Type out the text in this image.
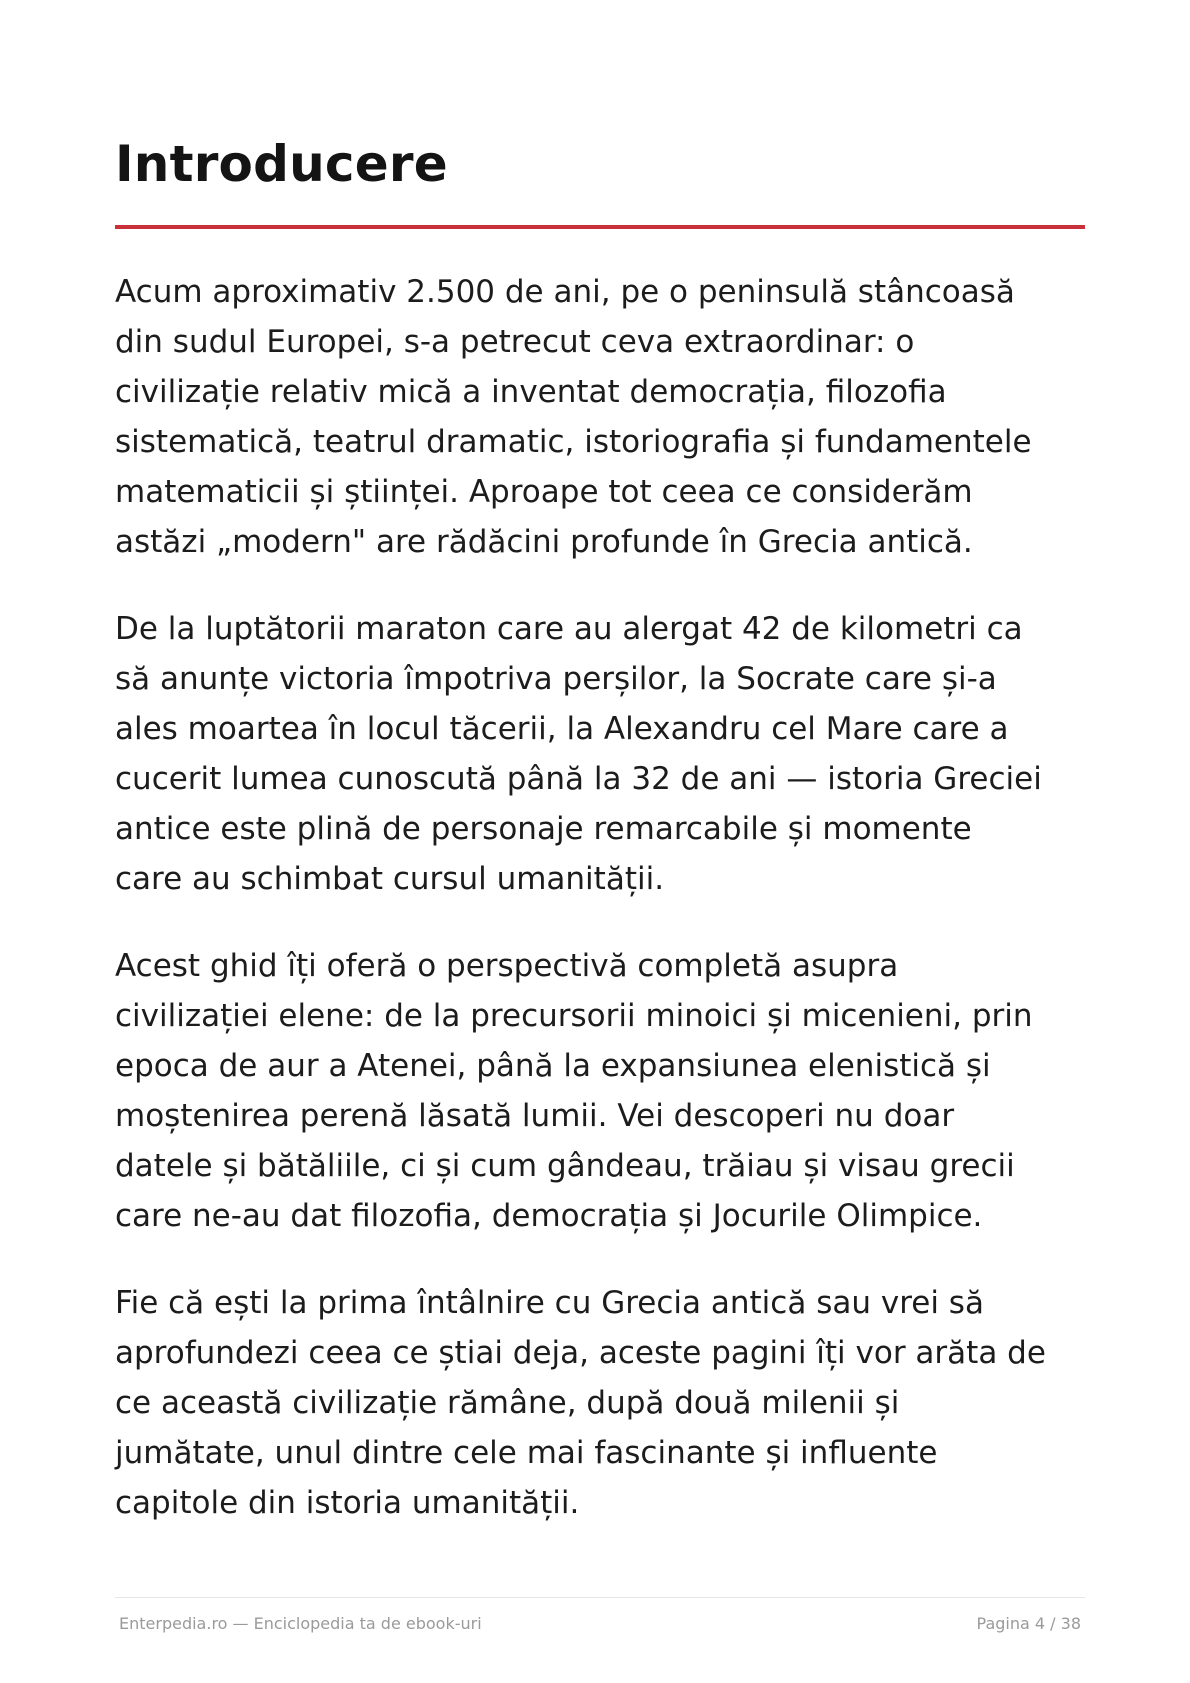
Introducere

Acum aproximativ 2.500 de ani, pe o peninsulă stâncoasă
din sudul Europei, s-a petrecut ceva extraordinar: o
civilizație relativ mică a inventat democrația, filozofia
sistematică, teatrul dramatic, istoriografia și fundamentele
matematicii și științei. Aproape tot ceea ce considerăm
astăzi „modern" are rădăcini profunde în Grecia antică.

De la luptătorii maraton care au alergat 42 de kilometri ca
să anunțe victoria împotriva perșilor, la Socrate care și-a
ales moartea în locul tăcerii, la Alexandru cel Mare care a
cucerit lumea cunoscută până la 32 de ani — istoria Greciei
antice este plină de personaje remarcabile și momente
care au schimbat cursul umanității.

Acest ghid îți oferă o perspectivă completă asupra
civilizației elene: de la precursorii minoici și micenieni, prin
epoca de aur a Atenei, până la expansiunea elenistică și
moștenirea perenă lăsată lumii. Vei descoperi nu doar
datele și bătăliile, ci și cum gândeau, trăiau și visau grecii
care ne-au dat filozofia, democrația și Jocurile Olimpice.

Fie că ești la prima întâlnire cu Grecia antică sau vrei să
aprofundezi ceea ce știai deja, aceste pagini îți vor arăta de
ce această civilizație rămâne, după două milenii și
jumătate, unul dintre cele mai fascinante și influente
capitole din istoria umanității.

Enterpedia.ro — Enciclopedia ta de ebook-uri	Pagina 4 / 38
